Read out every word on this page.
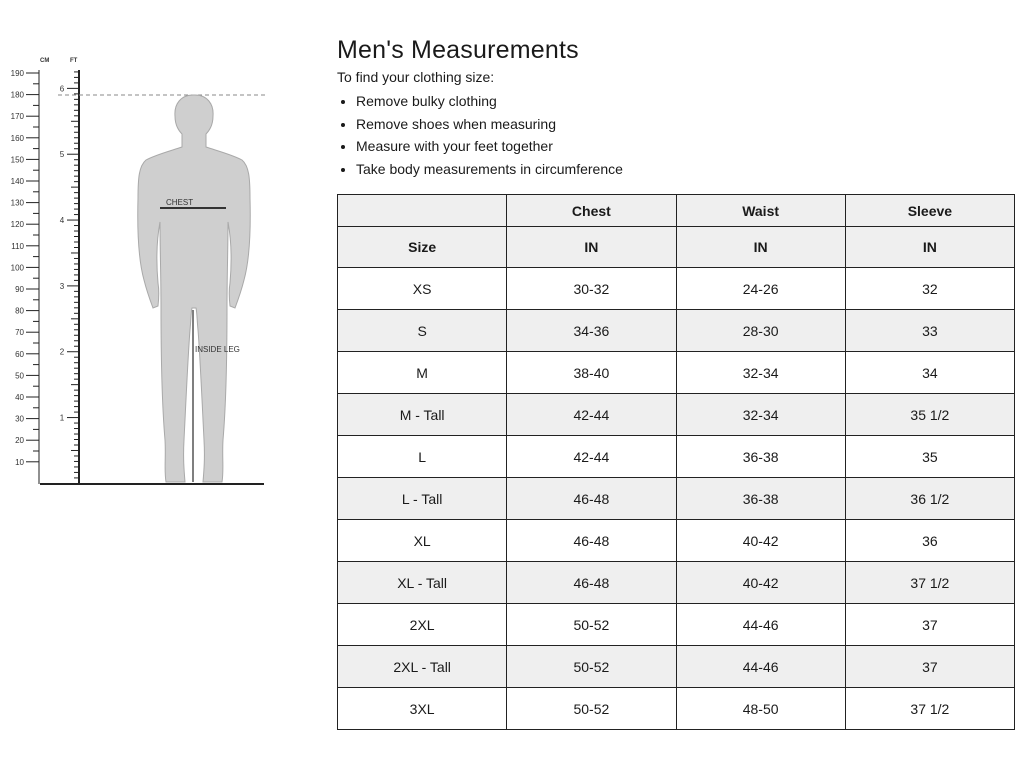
CM	FT
190
180
170
160
150
140
130
120
110
100
90
80
70
60
50
40
30
20
10
6
5
4
3
2
1
CHEST
INSIDE LEG
Men's Measurements

To find your clothing size:

• Remove bulky clothing
• Remove shoes when measuring
• Measure with your feet together
• Take body measurements in circumference
	Chest	Waist	Sleeve
Size	IN	IN	IN
XS	30-32	24-26	32
S	34-36	28-30	33
M	38-40	32-34	34
M - Tall	42-44	32-34	35 1/2
L	42-44	36-38	35
L - Tall	46-48	36-38	36 1/2
XL	46-48	40-42	36
XL - Tall	46-48	40-42	37 1/2
2XL	50-52	44-46	37
2XL - Tall	50-52	44-46	37
3XL	50-52	48-50	37 1/2
